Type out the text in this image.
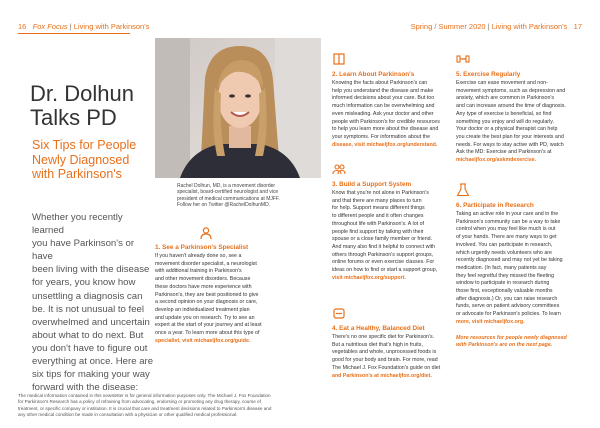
16 Fox Focus | Living with Parkinson's	Spring / Summer 2020 | Living with Parkinson's 17
Rachel Dolhun, MD, is a movement disorder
specialist, board-certified neurologist and vice
president of medical communications at MJFF.
Follow her on Twitter @RachelDolhunMD.
Dr. Dolhun
Talks PD
Six Tips for People
Newly Diagnosed
with Parkinson's
Whether you recently learned
you have Parkinson's or have
been living with the disease
for years, you know how
unsettling a diagnosis can
be. It is not unusual to feel
overwhelmed and uncertain
about what to do next. But
you don't have to figure out
everything at once. Here are
six tips for making your way
forward with the disease:
1. See a Parkinson's Specialist
If you haven't already done so, see a
movement disorder specialist, a neurologist
with additional training in Parkinson's
and other movement disorders. Because
these doctors have more experience with
Parkinson's, they are best positioned to give
a second opinion on your diagnosis or care,
develop an individualized treatment plan
and update you on research. Try to see an
expert at the start of your journey and at least
once a year. To learn more about this type of
specialist, visit michaeljfox.org/guide.
2. Learn About Parkinson's
Knowing the facts about Parkinson's can
help you understand the disease and make
informed decisions about your care. But too
much information can be overwhelming and
even misleading. Ask your doctor and other
people with Parkinson's for credible resources
to help you learn more about the disease and
your symptoms. For information about the
disease, visit michaeljfox.org/understand.
3. Build a Support System
Know that you're not alone in Parkinson's
and that there are many places to turn
for help. Support means different things
to different people and it often changes
throughout life with Parkinson's. A lot of
people find support by talking with their
spouse or a close family member or friend.
And many also find it helpful to connect with
others through Parkinson's support groups,
online forums or even exercise classes. For
ideas on how to find or start a support group,
visit michaeljfox.org/support.
4. Eat a Healthy, Balanced Diet
There's no one specific diet for Parkinson's.
But a nutritious diet that's high in fruits,
vegetables and whole, unprocessed foods is
good for your body and brain. For more, read
The Michael J. Fox Foundation's guide on diet
and Parkinson's at michaeljfox.org/diet.
5. Exercise Regularly
Exercise can ease movement and non-
movement symptoms, such as depression and
anxiety, which are common in Parkinson's
and can increase around the time of diagnosis.
Any type of exercise is beneficial, so find
something you enjoy and will do regularly.
Your doctor or a physical therapist can help
you create the best plan for your interests and
needs. For ways to stay active with PD, watch
Ask the MD: Exercise and Parkinson's at
michaeljfox.org/askmdexercise.
6. Participate in Research
Taking an active role in your care and in the
Parkinson's community can be a way to take
control when you may feel like much is out
of your hands. There are many ways to get
involved. You can participate in research,
which urgently needs volunteers who are
recently diagnosed and may not yet be taking
medication. (In fact, many patients say
they feel regretful they missed the fleeting
window to participate in research during
those first, exceptionally valuable months
after diagnosis.) Or, you can raise research
funds, serve on patient advisory committees
or advocate for Parkinson's policies. To learn
more, visit michaeljfox.org.
More resources for people newly diagnosed
with Parkinson's are on the next page.
The medical information contained in this newsletter is for general information purposes only. The Michael J. Fox Foundation
for Parkinson's Research has a policy of refraining from advocating, endorsing or promoting any drug therapy, course of
treatment, or specific company or institution. It is crucial that care and treatment decisions related to Parkinson's disease and
any other medical condition be made in consultation with a physician or other qualified medical professional.
